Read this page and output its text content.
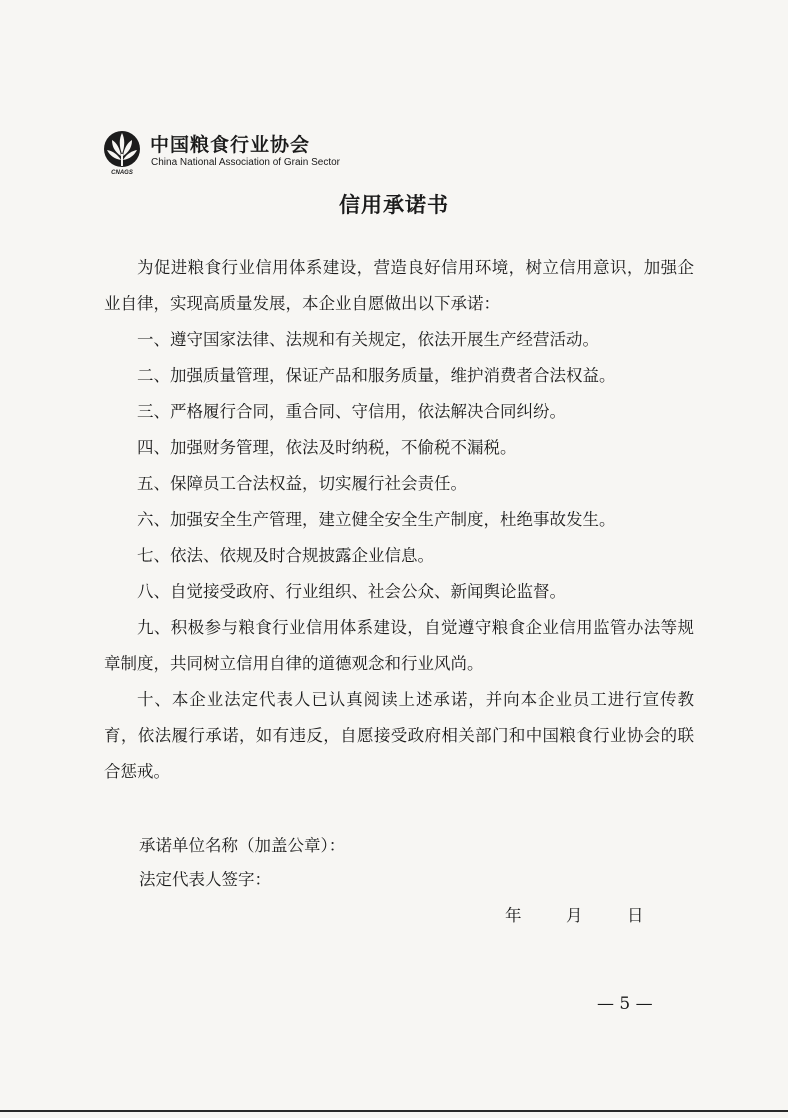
CNAGS
中国粮食行业协会
China National Association of Grain Sector
信用承诺书

为促进粮食行业信用体系建设，营造良好信用环境，树立信用意识，加强企业自律，实现高质量发展，本企业自愿做出以下承诺：

一、遵守国家法律、法规和有关规定，依法开展生产经营活动。

二、加强质量管理，保证产品和服务质量，维护消费者合法权益。

三、严格履行合同，重合同、守信用，依法解决合同纠纷。

四、加强财务管理，依法及时纳税，不偷税不漏税。

五、保障员工合法权益，切实履行社会责任。

六、加强安全生产管理，建立健全安全生产制度，杜绝事故发生。

七、依法、依规及时合规披露企业信息。

八、自觉接受政府、行业组织、社会公众、新闻舆论监督。

九、积极参与粮食行业信用体系建设，自觉遵守粮食企业信用监管办法等规章制度，共同树立信用自律的道德观念和行业风尚。

十、本企业法定代表人已认真阅读上述承诺，并向本企业员工进行宣传教育，依法履行承诺，如有违反，自愿接受政府相关部门和中国粮食行业协会的联合惩戒。

承诺单位名称（加盖公章）：
法定代表人签字：
年	月	日
— 5 —
